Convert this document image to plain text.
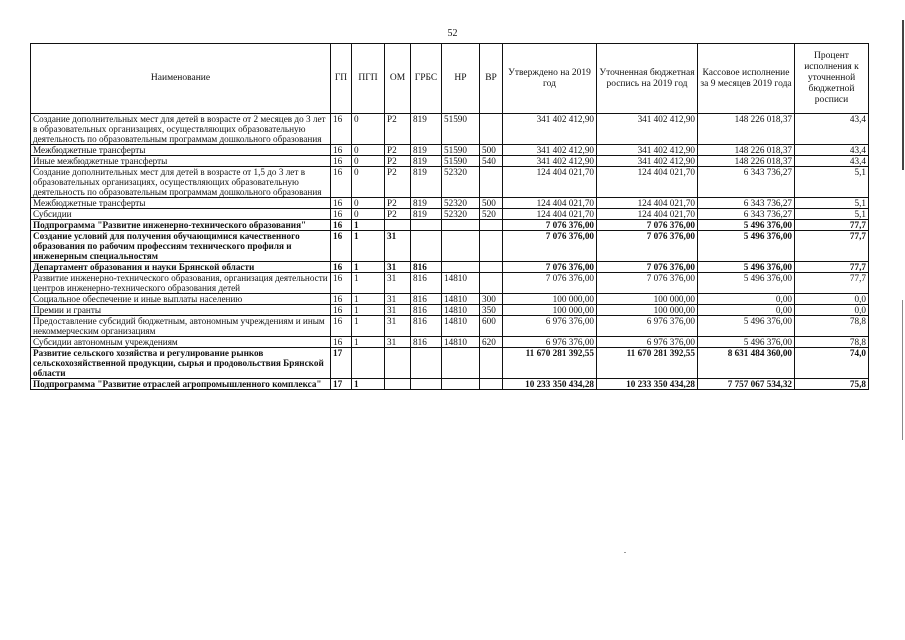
52
Наименование	ГП	ПГП	ОМ	ГРБС	НР	ВР	Утверждено на 2019 год	Уточненная бюджетная роспись на 2019 год	Кассовое исполнение за 9 месяцев 2019 года	Процент исполнения к уточненной бюджетной росписи
Создание дополнительных мест для детей в возрасте от 2 месяцев до 3 лет в образовательных организациях, осуществляющих образовательную деятельность по образовательным программам дошкольного образования	16	0	P2	819	51590		341 402 412,90	341 402 412,90	148 226 018,37	43,4
Межбюджетные трансферты	16	0	P2	819	51590	500	341 402 412,90	341 402 412,90	148 226 018,37	43,4
Иные межбюджетные трансферты	16	0	P2	819	51590	540	341 402 412,90	341 402 412,90	148 226 018,37	43,4
Создание дополнительных мест для детей в возрасте от 1,5 до 3 лет в образовательных организациях, осуществляющих образовательную деятельность по образовательным программам дошкольного образования	16	0	P2	819	52320		124 404 021,70	124 404 021,70	6 343 736,27	5,1
Межбюджетные трансферты	16	0	P2	819	52320	500	124 404 021,70	124 404 021,70	6 343 736,27	5,1
Субсидии	16	0	P2	819	52320	520	124 404 021,70	124 404 021,70	6 343 736,27	5,1
Подпрограмма "Развитие инженерно-технического образования"	16	1					7 076 376,00	7 076 376,00	5 496 376,00	77,7
Создание условий для получения обучающимися качественного образования по рабочим профессиям технического профиля и инженерным специальностям	16	1	31				7 076 376,00	7 076 376,00	5 496 376,00	77,7
Департамент образования и науки Брянской области	16	1	31	816			7 076 376,00	7 076 376,00	5 496 376,00	77,7
Развитие инженерно-технического образования, организация деятельности центров инженерно-технического образования детей	16	1	31	816	14810		7 076 376,00	7 076 376,00	5 496 376,00	77,7
Социальное обеспечение и иные выплаты населению	16	1	31	816	14810	300	100 000,00	100 000,00	0,00	0,0
Премии и гранты	16	1	31	816	14810	350	100 000,00	100 000,00	0,00	0,0
Предоставление субсидий бюджетным, автономным учреждениям и иным некоммерческим организациям	16	1	31	816	14810	600	6 976 376,00	6 976 376,00	5 496 376,00	78,8
Субсидии автономным учреждениям	16	1	31	816	14810	620	6 976 376,00	6 976 376,00	5 496 376,00	78,8
Развитие сельского хозяйства и регулирование рынков сельскохозяйственной продукции, сырья и продовольствия Брянской области	17						11 670 281 392,55	11 670 281 392,55	8 631 484 360,00	74,0
Подпрограмма "Развитие отраслей агропромышленного комплекса"	17	1					10 233 350 434,28	10 233 350 434,28	7 757 067 534,32	75,8
